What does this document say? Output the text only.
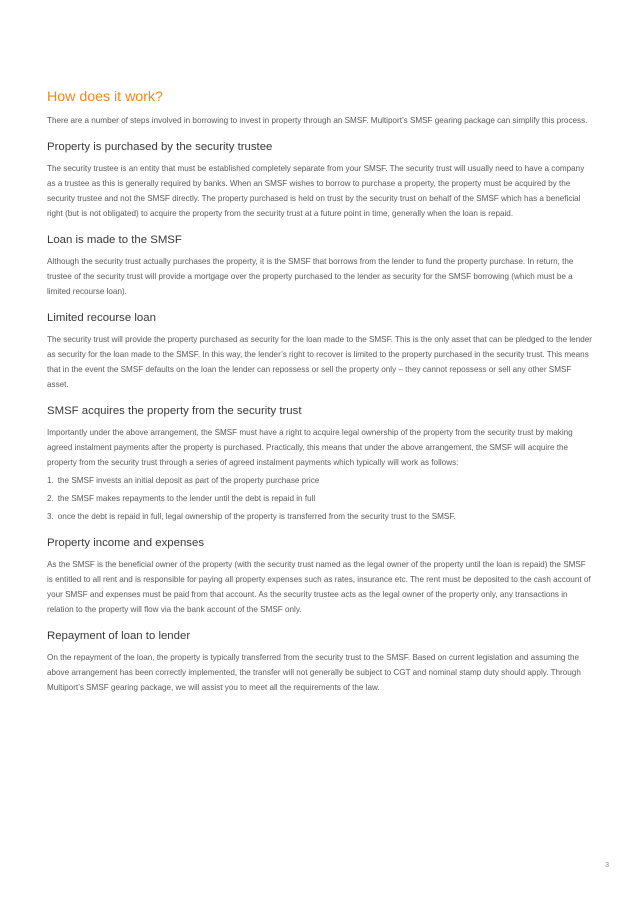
How does it work?

There are a number of steps involved in borrowing to invest in property through an SMSF. Multiport’s SMSF gearing package can simplify this process.

Property is purchased by the security trustee

The security trustee is an entity that must be established completely separate from your SMSF. The security trust will usually need to have a company as a trustee as this is generally required by banks. When an SMSF wishes to borrow to purchase a property, the property must be acquired by the security trustee and not the SMSF directly. The property purchased is held on trust by the security trust on behalf of the SMSF which has a beneficial right (but is not obligated) to acquire the property from the security trust at a future point in time, generally when the loan is repaid.

Loan is made to the SMSF

Although the security trust actually purchases the property, it is the SMSF that borrows from the lender to fund the property purchase. In return, the trustee of the security trust will provide a mortgage over the property purchased to the lender as security for the SMSF borrowing (which must be a limited recourse loan).

Limited recourse loan

The security trust will provide the property purchased as security for the loan made to the SMSF. This is the only asset that can be pledged to the lender as security for the loan made to the SMSF. In this way, the lender’s right to recover is limited to the property purchased in the security trust. This means that in the event the SMSF defaults on the loan the lender can repossess or sell the property only – they cannot repossess or sell any other SMSF asset.

SMSF acquires the property from the security trust

Importantly under the above arrangement, the SMSF must have a right to acquire legal ownership of the property from the security trust by making agreed instalment payments after the property is purchased. Practically, this means that under the above arrangement, the SMSF will acquire the property from the security trust through a series of agreed instalment payments which typically will work as follows:

1. the SMSF invests an initial deposit as part of the property purchase price
2. the SMSF makes repayments to the lender until the debt is repaid in full
3. once the debt is repaid in full, legal ownership of the property is transferred from the security trust to the SMSF.
Property income and expenses

As the SMSF is the beneficial owner of the property (with the security trust named as the legal owner of the property until the loan is repaid) the SMSF is entitled to all rent and is responsible for paying all property expenses such as rates, insurance etc. The rent must be deposited to the cash account of your SMSF and expenses must be paid from that account. As the security trustee acts as the legal owner of the property only, any transactions in relation to the property will flow via the bank account of the SMSF only.

Repayment of loan to lender

On the repayment of the loan, the property is typically transferred from the security trust to the SMSF. Based on current legislation and assuming the above arrangement has been correctly implemented, the transfer will not generally be subject to CGT and nominal stamp duty should apply. Through Multiport’s SMSF gearing package, we will assist you to meet all the requirements of the law.

3
